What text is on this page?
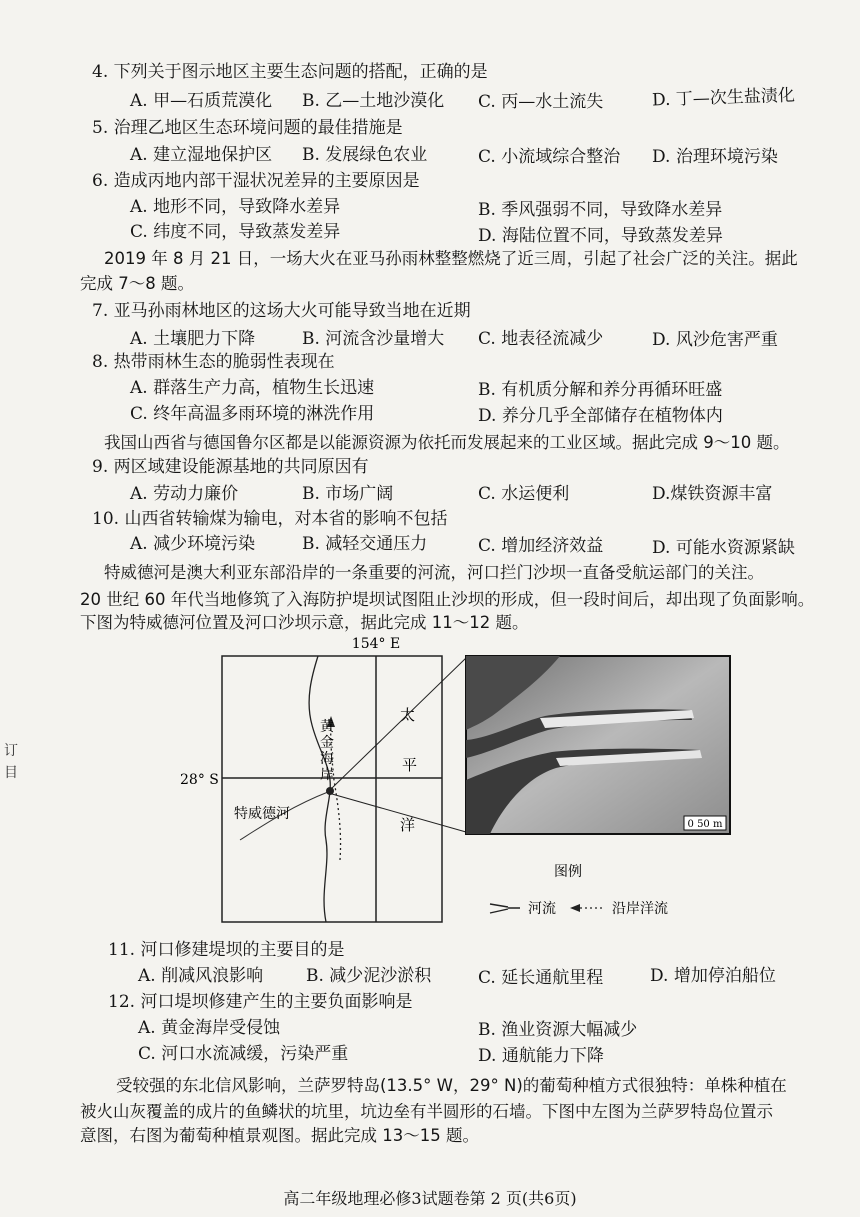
4. 下列关于图示地区主要生态问题的搭配，正确的是
A. 甲—石质荒漠化 B. 乙—土地沙漠化 C. 丙—水土流失	D. 丁—次生盐渍化
5. 治理乙地区生态环境问题的最佳措施是
A. 建立湿地保护区 B. 发展绿色农业	C. 小流域综合整治 D. 治理环境污染
6. 造成丙地内部干湿状况差异的主要原因是
A. 地形不同，导致降水差异	B. 季风强弱不同，导致降水差异
C. 纬度不同，导致蒸发差异	D. 海陆位置不同，导致蒸发差异
2019 年 8 月 21 日，一场大火在亚马孙雨林整整燃烧了近三周，引起了社会广泛的关注。据此
完成 7～8 题。
7. 亚马孙雨林地区的这场大火可能导致当地在近期
A. 土壤肥力下降	B. 河流含沙量增大 C. 地表径流减少	D. 风沙危害严重
8. 热带雨林生态的脆弱性表现在
A. 群落生产力高，植物生长迅速	B. 有机质分解和养分再循环旺盛
C. 终年高温多雨环境的淋洗作用	D. 养分几乎全部储存在植物体内
我国山西省与德国鲁尔区都是以能源资源为依托而发展起来的工业区域。据此完成 9～10 题。
9. 两区域建设能源基地的共同原因有
A. 劳动力廉价	B. 市场广阔	C. 水运便利	D.煤铁资源丰富
10. 山西省转输煤为输电，对本省的影响不包括
A. 减少环境污染	B. 减轻交通压力	C. 增加经济效益	D. 可能水资源紧缺
特威德河是澳大利亚东部沿岸的一条重要的河流，河口拦门沙坝一直备受航运部门的关注。
20 世纪 60 年代当地修筑了入海防护堤坝试图阻止沙坝的形成，但一段时间后，却出现了负面影响。
下图为特威德河位置及河口沙坝示意，据此完成 11～12 题。
154° E
28° S
黄
金
海
岸
特威德河
太
平
洋	0 50 m
图例
河流	沿岸洋流
订 目
11. 河口修建堤坝的主要目的是
A. 削减风浪影响	B. 减少泥沙淤积	C. 延长通航里程	D. 增加停泊船位
12. 河口堤坝修建产生的主要负面影响是
A. 黄金海岸受侵蚀	B. 渔业资源大幅减少
C. 河口水流减缓，污染严重	D. 通航能力下降
受较强的东北信风影响，兰萨罗特岛(13.5° W，29° N)的葡萄种植方式很独特：单株种植在
被火山灰覆盖的成片的鱼鳞状的坑里，坑边垒有半圆形的石墙。下图中左图为兰萨罗特岛位置示
意图，右图为葡萄种植景观图。据此完成 13～15 题。
高二年级地理必修3试题卷第 2 页(共6页)
